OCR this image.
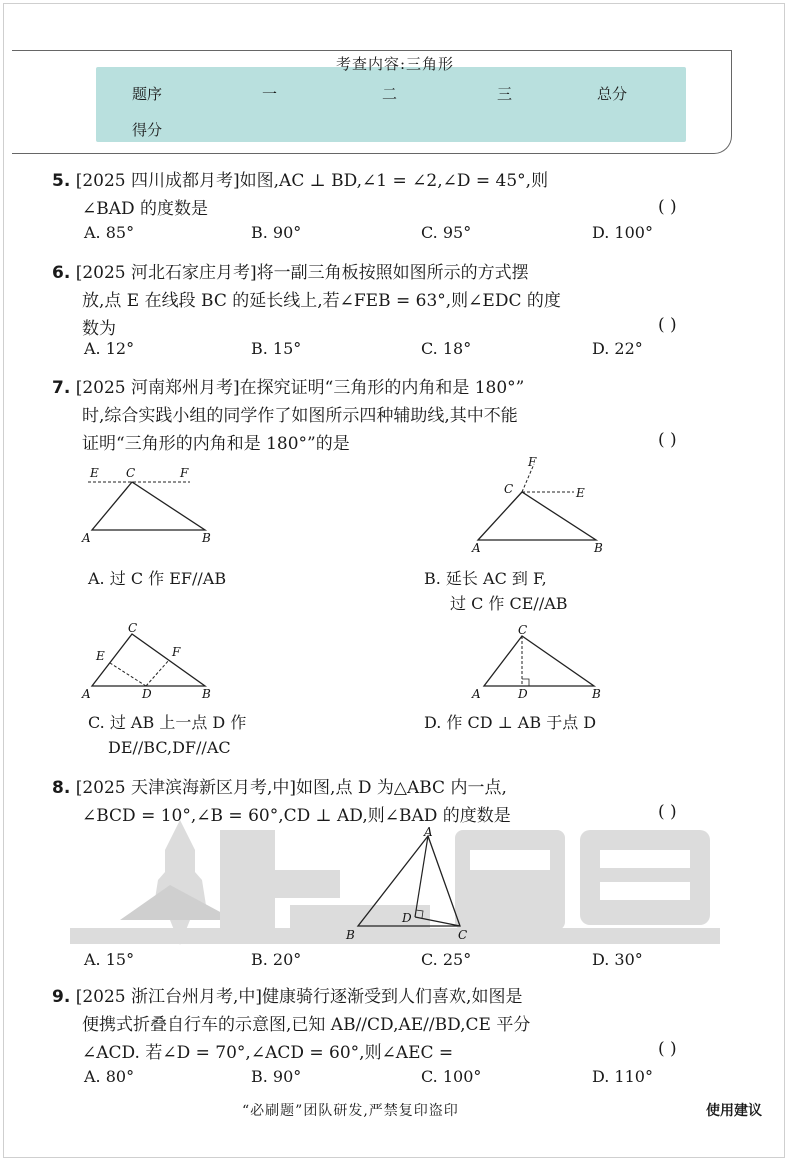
考查内容:三角形
题序	一	二	三	总分
得分
5. [2025 四川成都月考]如图,AC ⊥ BD,∠1 = ∠2,∠D = 45°,则
∠BAD 的度数是	( )
A. 85°	B. 90°	C. 95°	D. 100°
6. [2025 河北石家庄月考]将一副三角板按照如图所示的方式摆
放,点 E 在线段 BC 的延长线上,若∠FEB = 63°,则∠EDC 的度
数为	( )
A. 12°	B. 15°	C. 18°	D. 22°
7. [2025 河南郑州月考]在探究证明“三角形的内角和是 180°”
时,综合实践小组的同学作了如图所示四种辅助线,其中不能
证明“三角形的内角和是 180°”的是	( )
E C	F
A	B
A. 过 C 作 EF//AB
F
C	E
A	B
B. 延长 AC 到 F,
过 C 作 CE//AB
C
E	F
A	D	B
C. 过 AB 上一点 D 作
DE//BC,DF//AC
C
A	D	B
D. 作 CD ⊥ AB 于点 D
8. [2025 天津滨海新区月考,中]如图,点 D 为△ABC 内一点,
∠BCD = 10°,∠B = 60°,CD ⊥ AD,则∠BAD 的度数是	( )
A
D
B	C
A. 15°	B. 20°	C. 25°	D. 30°
9. [2025 浙江台州月考,中]健康骑行逐渐受到人们喜欢,如图是
便携式折叠自行车的示意图,已知 AB//CD,AE//BD,CE 平分
∠ACD. 若∠D = 70°,∠ACD = 60°,则∠AEC =	( )
A. 80°	B. 90°	C. 100°	D. 110°
“必刷题”团队研发,严禁复印盗印	使用建议
